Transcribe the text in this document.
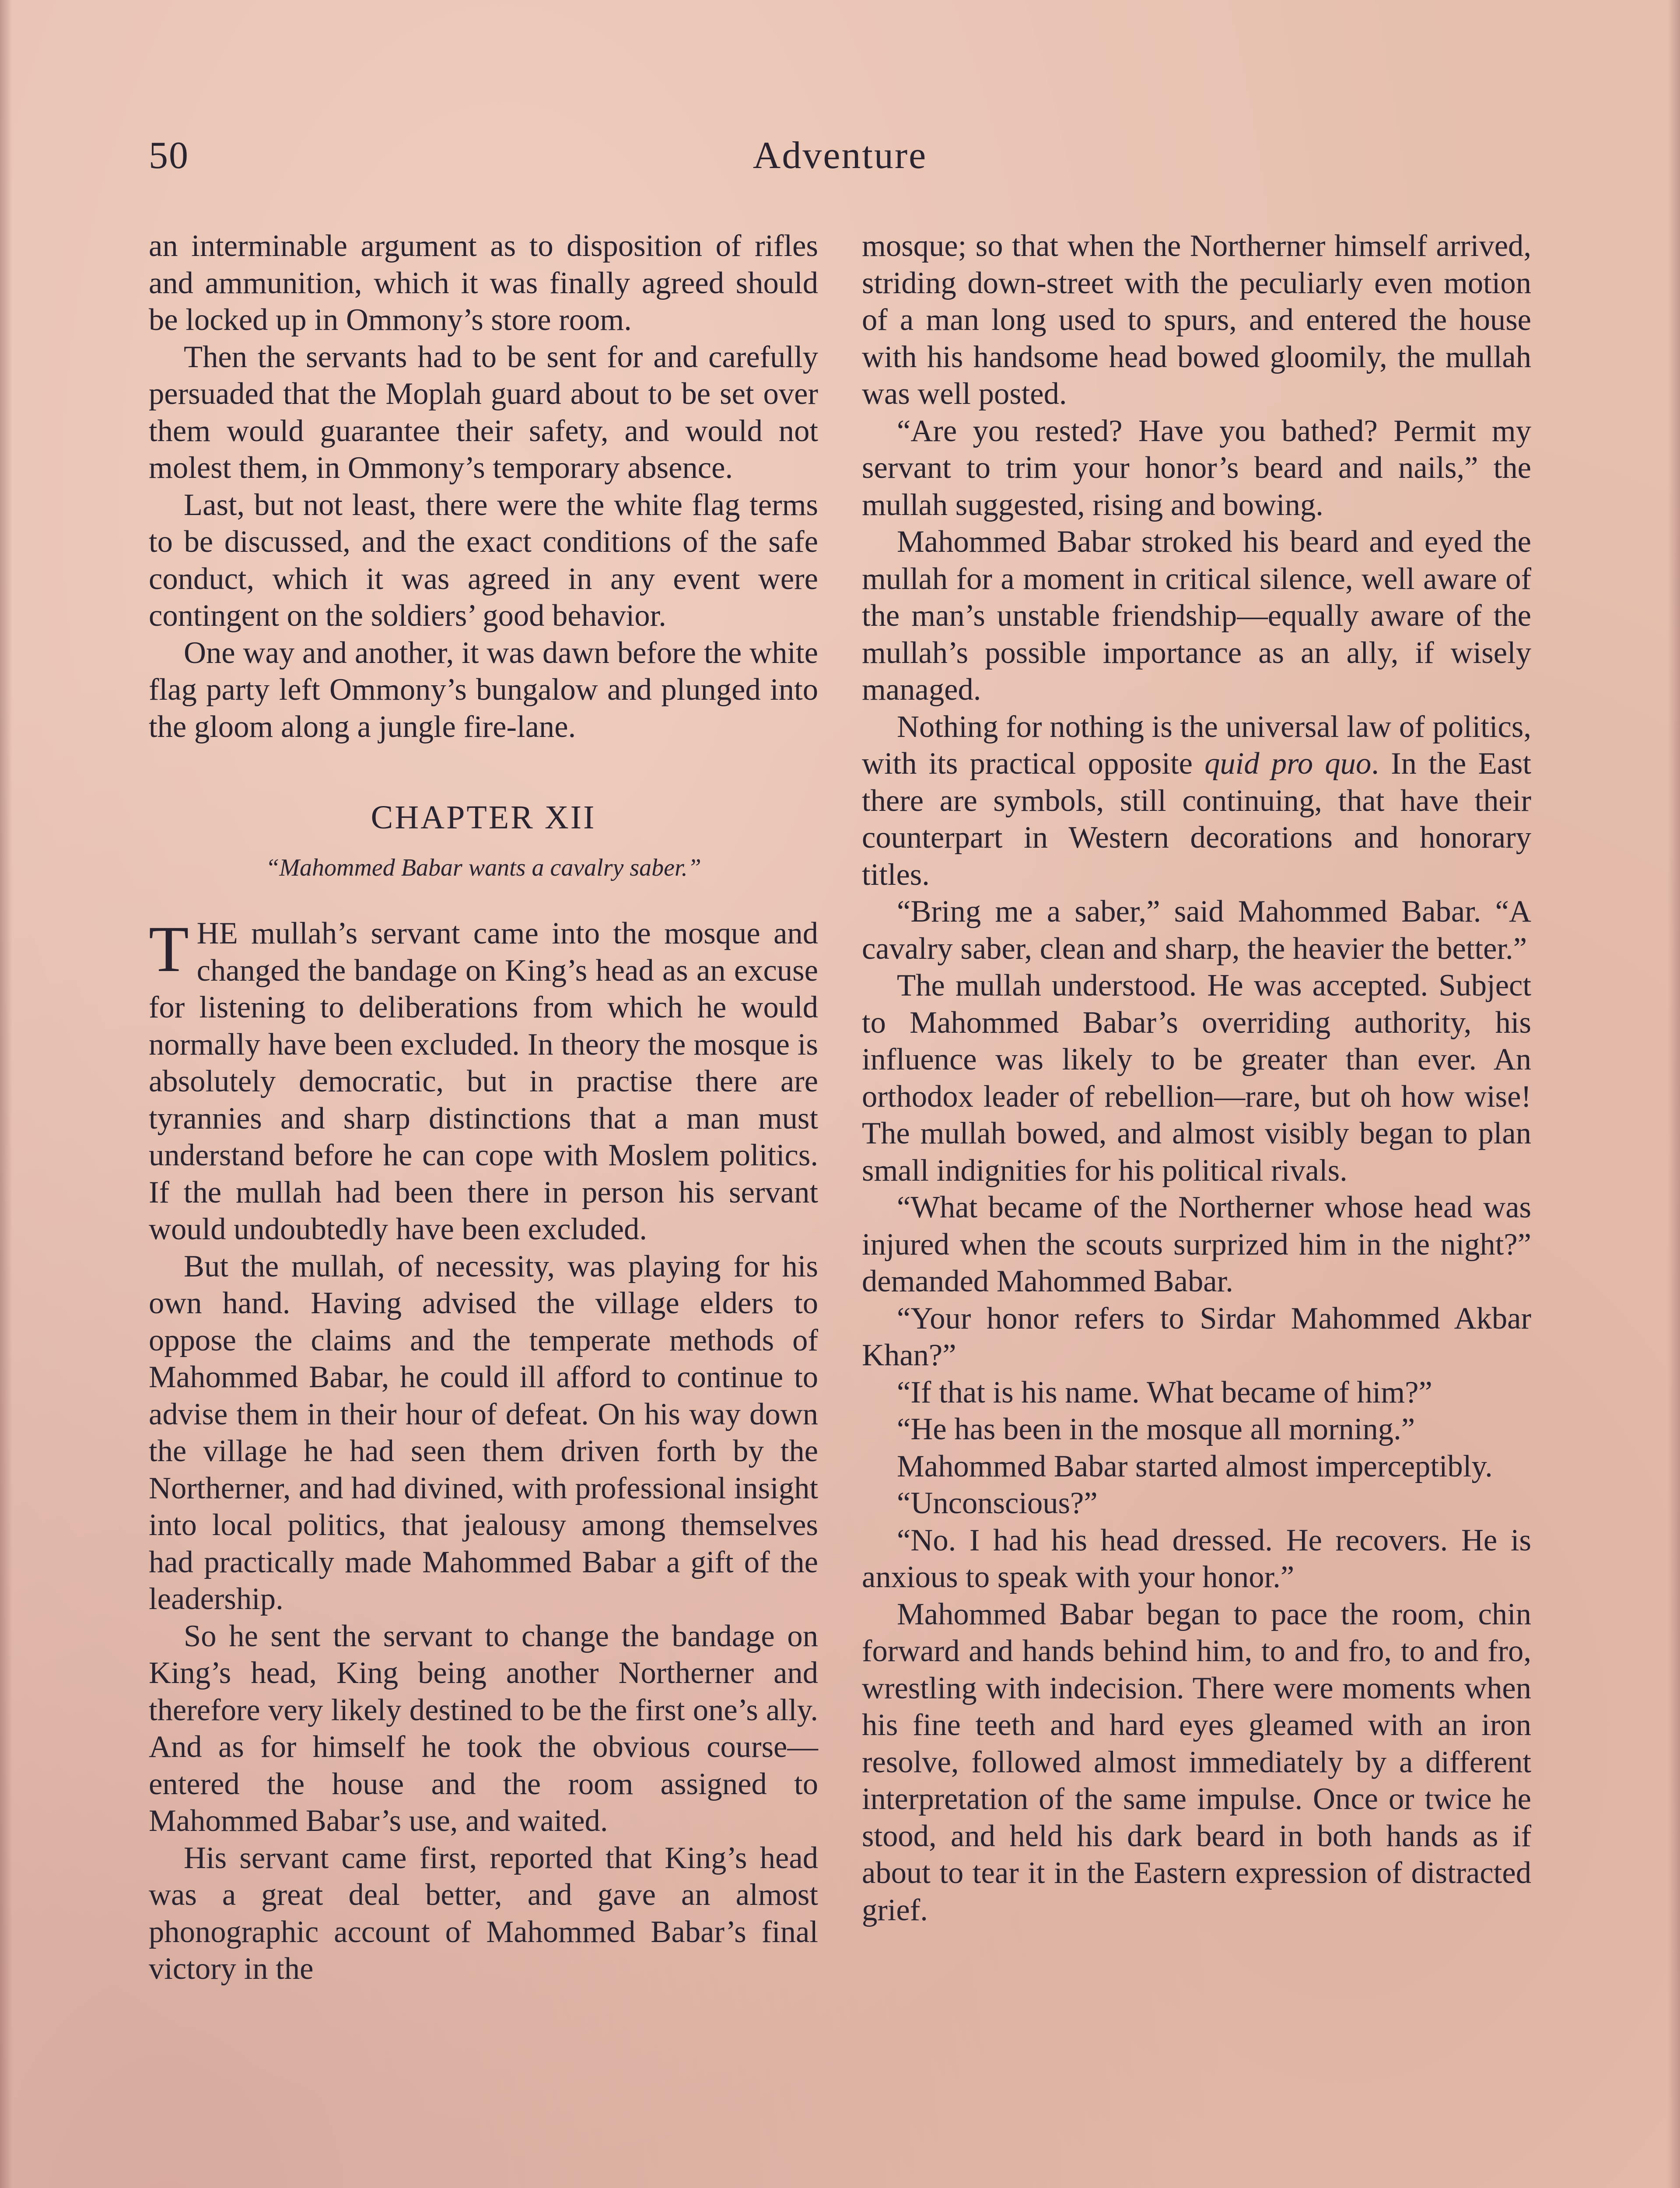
50	Adventure

an interminable argument as to disposition of rifles and ammunition, which it was finally agreed should be locked up in Ommony’s store room.

Then the servants had to be sent for and carefully persuaded that the Moplah guard about to be set over them would guarantee their safety, and would not molest them, in Ommony’s temporary absence.

Last, but not least, there were the white flag terms to be discussed, and the exact conditions of the safe conduct, which it was agreed in any event were contingent on the soldiers’ good behavior.

One way and another, it was dawn before the white flag party left Ommony’s bungalow and plunged into the gloom along a jungle fire-lane.

CHAPTER XII
“Mahommed Babar wants a cavalry saber.”

THE mullah’s servant came into the mosque and changed the bandage on King’s head as an excuse for listening to deliberations from which he would normally have been excluded. In theory the mosque is absolutely democratic, but in practise there are tyrannies and sharp distinctions that a man must understand before he can cope with Moslem politics. If the mullah had been there in person his servant would undoubtedly have been excluded.

But the mullah, of necessity, was playing for his own hand. Having advised the village elders to oppose the claims and the temperate methods of Mahommed Babar, he could ill afford to continue to advise them in their hour of defeat. On his way down the village he had seen them driven forth by the Northerner, and had divined, with professional insight into local politics, that jealousy among themselves had practically made Mahommed Babar a gift of the leadership.

So he sent the servant to change the bandage on King’s head, King being another Northerner and therefore very likely destined to be the first one’s ally. And as for himself he took the obvious course—entered the house and the room assigned to Mahommed Babar’s use, and waited.

His servant came first, reported that King’s head was a great deal better, and gave an almost phonographic account of Mahommed Babar’s final victory in the

mosque; so that when the Northerner himself arrived, striding down-street with the peculiarly even motion of a man long used to spurs, and entered the house with his handsome head bowed gloomily, the mullah was well posted.

“Are you rested? Have you bathed? Permit my servant to trim your honor’s beard and nails,” the mullah suggested, rising and bowing.

Mahommed Babar stroked his beard and eyed the mullah for a moment in critical silence, well aware of the man’s unstable friendship—equally aware of the mullah’s possible importance as an ally, if wisely managed.

Nothing for nothing is the universal law of politics, with its practical opposite quid pro quo. In the East there are symbols, still continuing, that have their counterpart in Western decorations and honorary titles.

“Bring me a saber,” said Mahommed Babar. “A cavalry saber, clean and sharp, the heavier the better.”

The mullah understood. He was accepted. Subject to Mahommed Babar’s overriding authority, his influence was likely to be greater than ever. An orthodox leader of rebellion—rare, but oh how wise! The mullah bowed, and almost visibly began to plan small indignities for his political rivals.

“What became of the Northerner whose head was injured when the scouts surprized him in the night?” demanded Mahommed Babar.

“Your honor refers to Sirdar Mahommed Akbar Khan?”

“If that is his name. What became of him?”

“He has been in the mosque all morning.”

Mahommed Babar started almost imperceptibly.

“Unconscious?”

“No. I had his head dressed. He recovers. He is anxious to speak with your honor.”

Mahommed Babar began to pace the room, chin forward and hands behind him, to and fro, to and fro, wrestling with indecision. There were moments when his fine teeth and hard eyes gleamed with an iron resolve, followed almost immediately by a different interpretation of the same impulse. Once or twice he stood, and held his dark beard in both hands as if about to tear it in the Eastern expression of distracted grief.
